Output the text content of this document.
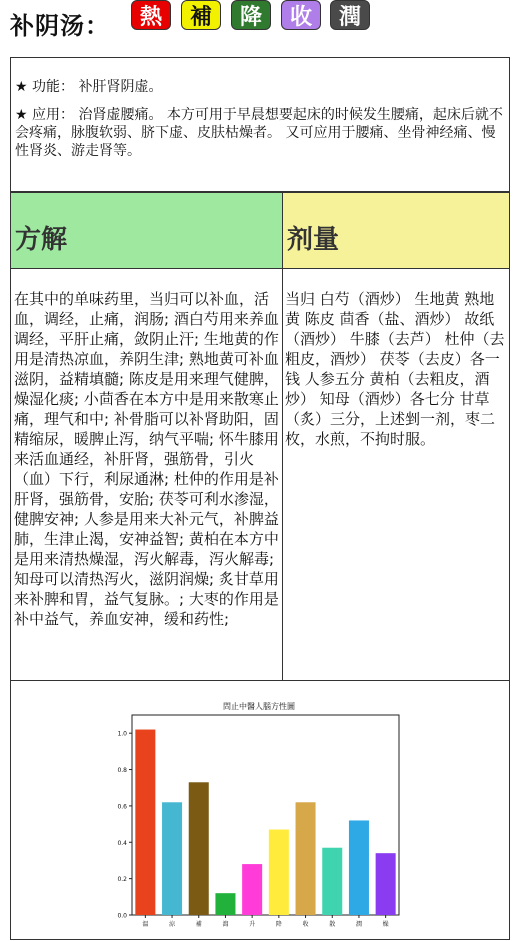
补阴汤： 熱 補 降 收 潤

★ 功能： 补肝肾阴虚。

★ 应用： 治肾虚腰痛。 本方可用于早晨想要起床的时候发生腰痛，起床后就不会疼痛，脉腹软弱、脐下虚、皮肤枯燥者。 又可应用于腰痛、坐骨神经痛、慢性肾炎、游走肾等。

方解	剂量
在其中的单味药里，当归可以补血，活血，调经，止痛，润肠; 酒白芍用来养血调经，平肝止痛，敛阴止汗; 生地黄的作用是清热凉血，养阴生津; 熟地黄可补血滋阴，益精填髓; 陈皮是用来理气健脾，燥湿化痰; 小茴香在本方中是用来散寒止痛，理气和中; 补骨脂可以补肾助阳，固精缩尿，暖脾止泻，纳气平喘; 怀牛膝用来活血通经，补肝肾，强筋骨，引火（血）下行，利尿通淋; 杜仲的作用是补肝肾，强筋骨，安胎; 茯苓可利水渗湿，健脾安神; 人参是用来大补元气，补脾益肺，生津止渴，安神益智; 黄柏在本方中是用来清热燥湿，泻火解毒，泻火解毒; 知母可以清热泻火，滋阴润燥; 炙甘草用来补脾和胃，益气复脉。; 大枣的作用是补中益气，养血安神，缓和药性;
当归 白芍（酒炒） 生地黄 熟地黄 陈皮 茴香（盐、酒炒） 故纸（酒炒） 牛膝（去芦） 杜仲（去粗皮，酒炒） 茯苓（去皮）各一钱 人参五分 黄柏（去粗皮，酒炒） 知母（酒炒）各七分 甘草（炙）三分，上述剉一剂，枣二枚，水煎，不拘时服。
問止中醫人腦方性圖
0.0
0.2
0.4
0.6
0.8
1.0
溫	涼	補	瀉	升	降	收	散	潤	燥
